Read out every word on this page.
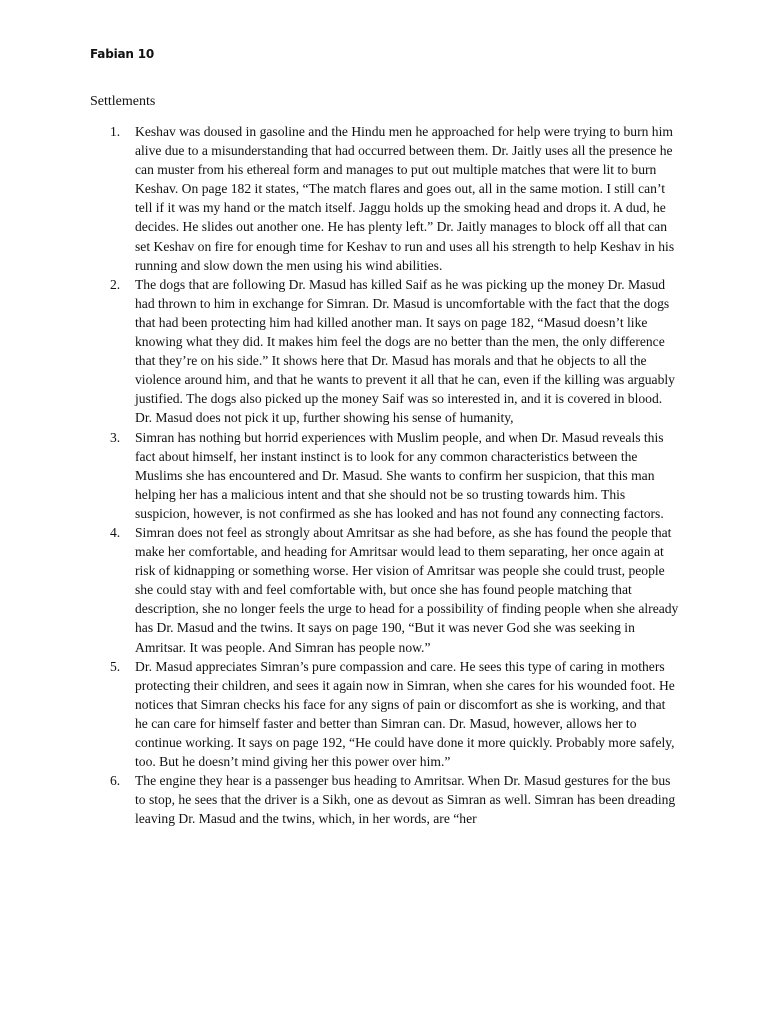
Fabian 10
Settlements
1. Keshav was doused in gasoline and the Hindu men he approached for help were trying to burn him alive due to a misunderstanding that had occurred between them. Dr. Jaitly uses all the presence he can muster from his ethereal form and manages to put out multiple matches that were lit to burn Keshav. On page 182 it states, “The match flares and goes out, all in the same motion. I still can’t tell if it was my hand or the match itself. Jaggu holds up the smoking head and drops it. A dud, he decides. He slides out another one. He has plenty left.” Dr. Jaitly manages to block off all that can set Keshav on fire for enough time for Keshav to run and uses all his strength to help Keshav in his running and slow down the men using his wind abilities.
2. The dogs that are following Dr. Masud has killed Saif as he was picking up the money Dr. Masud had thrown to him in exchange for Simran. Dr. Masud is uncomfortable with the fact that the dogs that had been protecting him had killed another man. It says on page 182, “Masud doesn’t like knowing what they did. It makes him feel the dogs are no better than the men, the only difference that they’re on his side.” It shows here that Dr. Masud has morals and that he objects to all the violence around him, and that he wants to prevent it all that he can, even if the killing was arguably justified. The dogs also picked up the money Saif was so interested in, and it is covered in blood. Dr. Masud does not pick it up, further showing his sense of humanity,
3. Simran has nothing but horrid experiences with Muslim people, and when Dr. Masud reveals this fact about himself, her instant instinct is to look for any common characteristics between the Muslims she has encountered and Dr. Masud. She wants to confirm her suspicion, that this man helping her has a malicious intent and that she should not be so trusting towards him. This suspicion, however, is not confirmed as she has looked and has not found any connecting factors.
4. Simran does not feel as strongly about Amritsar as she had before, as she has found the people that make her comfortable, and heading for Amritsar would lead to them separating, her once again at risk of kidnapping or something worse. Her vision of Amritsar was people she could trust, people she could stay with and feel comfortable with, but once she has found people matching that description, she no longer feels the urge to head for a possibility of finding people when she already has Dr. Masud and the twins. It says on page 190, “But it was never God she was seeking in Amritsar. It was people. And Simran has people now.”
5. Dr. Masud appreciates Simran’s pure compassion and care. He sees this type of caring in mothers protecting their children, and sees it again now in Simran, when she cares for his wounded foot. He notices that Simran checks his face for any signs of pain or discomfort as she is working, and that he can care for himself faster and better than Simran can. Dr. Masud, however, allows her to continue working. It says on page 192, “He could have done it more quickly. Probably more safely, too. But he doesn’t mind giving her this power over him.”
6. The engine they hear is a passenger bus heading to Amritsar. When Dr. Masud gestures for the bus to stop, he sees that the driver is a Sikh, one as devout as Simran as well. Simran has been dreading leaving Dr. Masud and the twins, which, in her words, are “her
